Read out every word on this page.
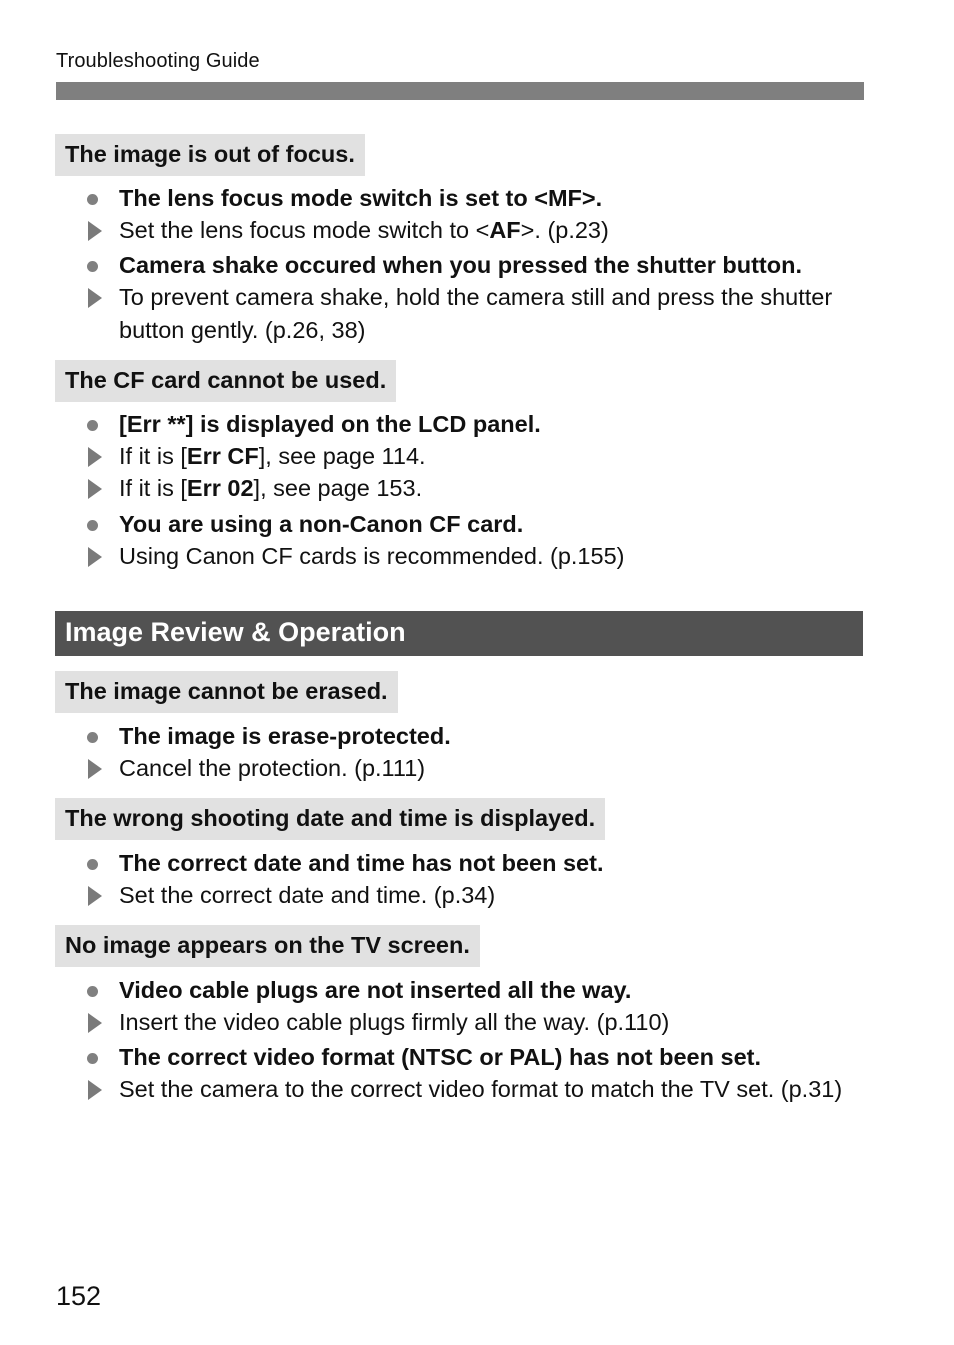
Troubleshooting Guide
The image is out of focus.
The lens focus mode switch is set to <MF>.
Set the lens focus mode switch to <AF>. (p.23)
Camera shake occured when you pressed the shutter button.
To prevent camera shake, hold the camera still and press the shutter button gently. (p.26, 38)
The CF card cannot be used.
[Err **] is displayed on the LCD panel.
If it is [Err CF], see page 114.
If it is [Err 02], see page 153.
You are using a non-Canon CF card.
Using Canon CF cards is recommended. (p.155)
Image Review & Operation
The image cannot be erased.
The image is erase-protected.
Cancel the protection. (p.111)
The wrong shooting date and time is displayed.
The correct date and time has not been set.
Set the correct date and time. (p.34)
No image appears on the TV screen.
Video cable plugs are not inserted all the way.
Insert the video cable plugs firmly all the way. (p.110)
The correct video format (NTSC or PAL) has not been set.
Set the camera to the correct video format to match the TV set. (p.31)
152
